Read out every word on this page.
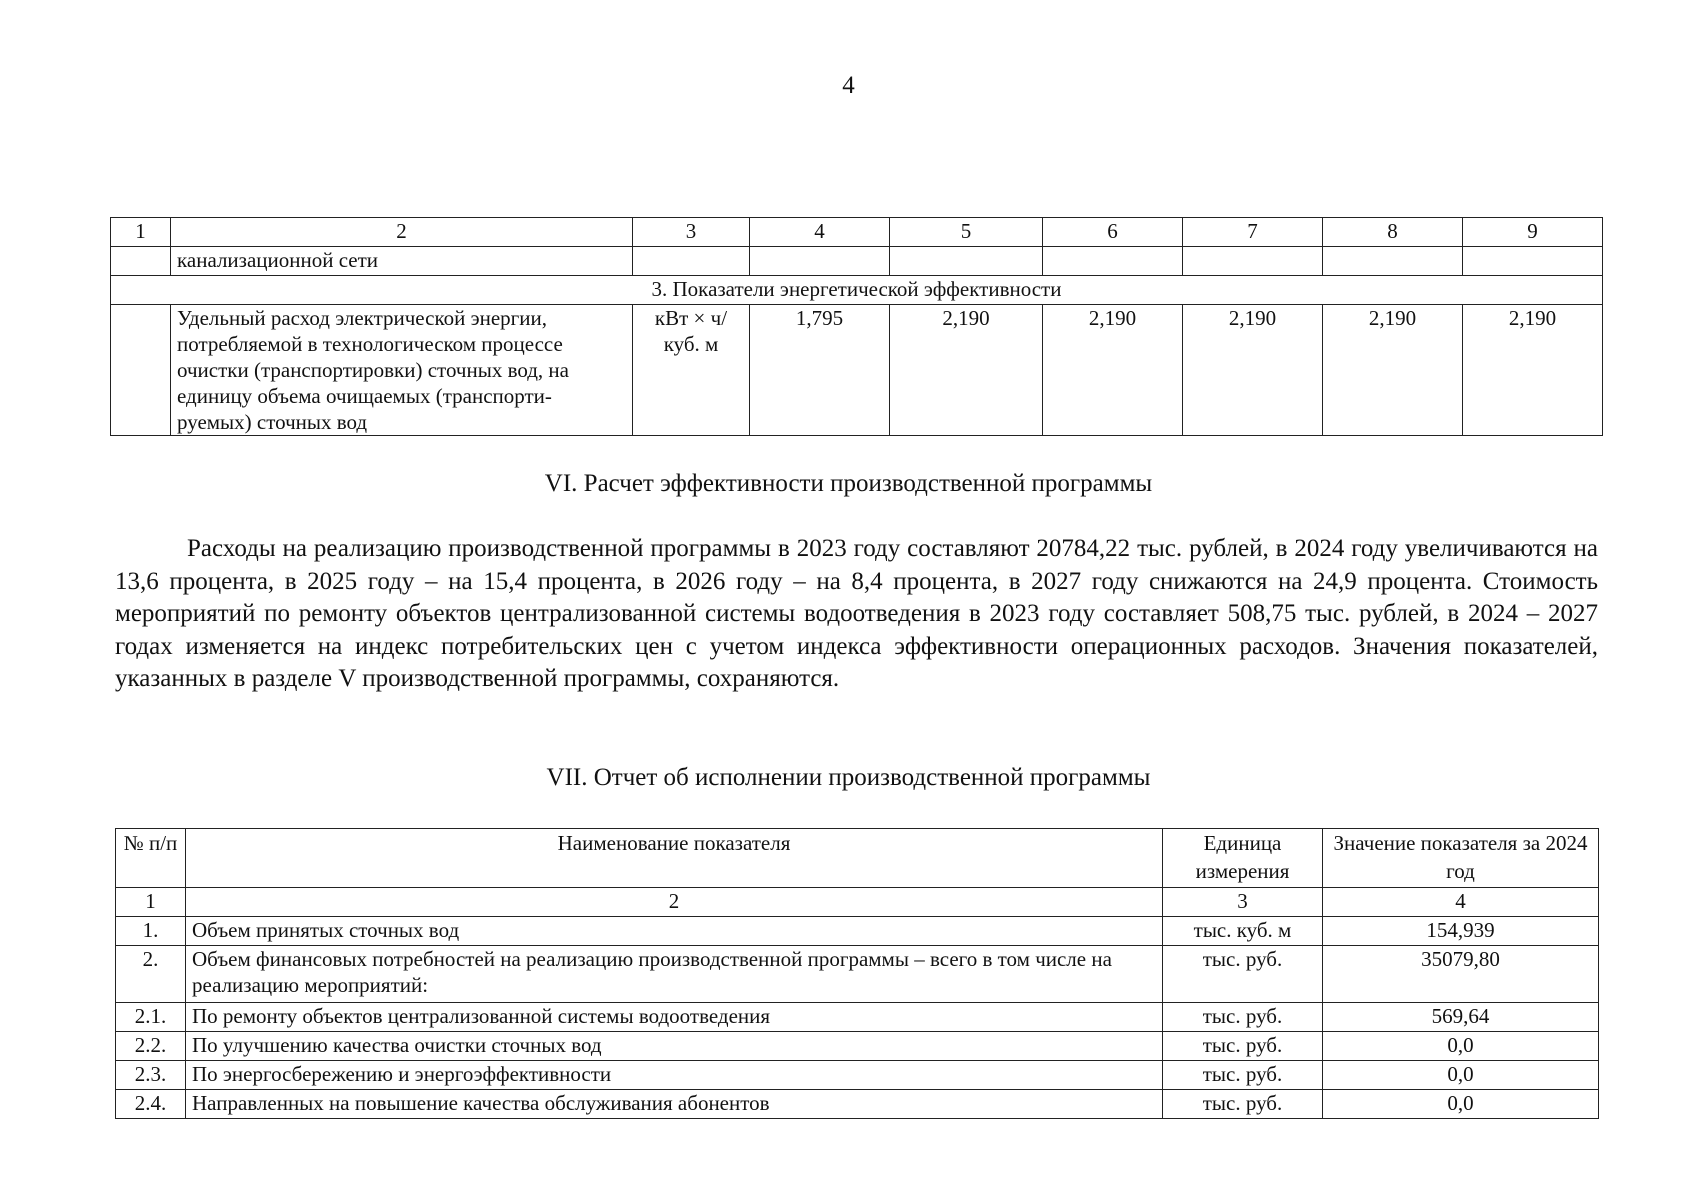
4
1	2	3	4	5	6	7	8	9
	канализационной сети							
3. Показатели энергетической эффективности								
	Удельный расход электрической энергии, потребляемой в технологическом процессе очистки (транспортировки) сточных вод, на единицу объема очищаемых (транспорти-руемых) сточных вод	кВт × ч/ куб. м	1,795	2,190	2,190	2,190	2,190	2,190
VI. Расчет эффективности производственной программы
Расходы на реализацию производственной программы в 2023 году составляют 20784,22 тыс. рублей, в 2024 году увеличиваются на 13,6 процента, в 2025 году – на 15,4 процента, в 2026 году – на 8,4 процента, в 2027 году снижаются на 24,9 процента. Стоимость мероприятий по ремонту объектов централизованной системы водоотведения в 2023 году составляет 508,75 тыс. рублей, в 2024 – 2027 годах изменяется на индекс потребительских цен с учетом индекса эффективности операционных расходов. Значения показателей, указанных в разделе V производственной программы, сохраняются.
VII. Отчет об исполнении производственной программы
№ п/п	Наименование показателя	Единица измерения	Значение показателя за 2024 год
1	2	3	4
1.	Объем принятых сточных вод	тыс. куб. м	154,939
2.	Объем финансовых потребностей на реализацию производственной программы – всего в том числе на реализацию мероприятий:	тыс. руб.	35079,80
2.1.	По ремонту объектов централизованной системы водоотведения	тыс. руб.	569,64
2.2.	По улучшению качества очистки сточных вод	тыс. руб.	0,0
2.3.	По энергосбережению и энергоэффективности	тыс. руб.	0,0
2.4.	Направленных на повышение качества обслуживания абонентов	тыс. руб.	0,0
